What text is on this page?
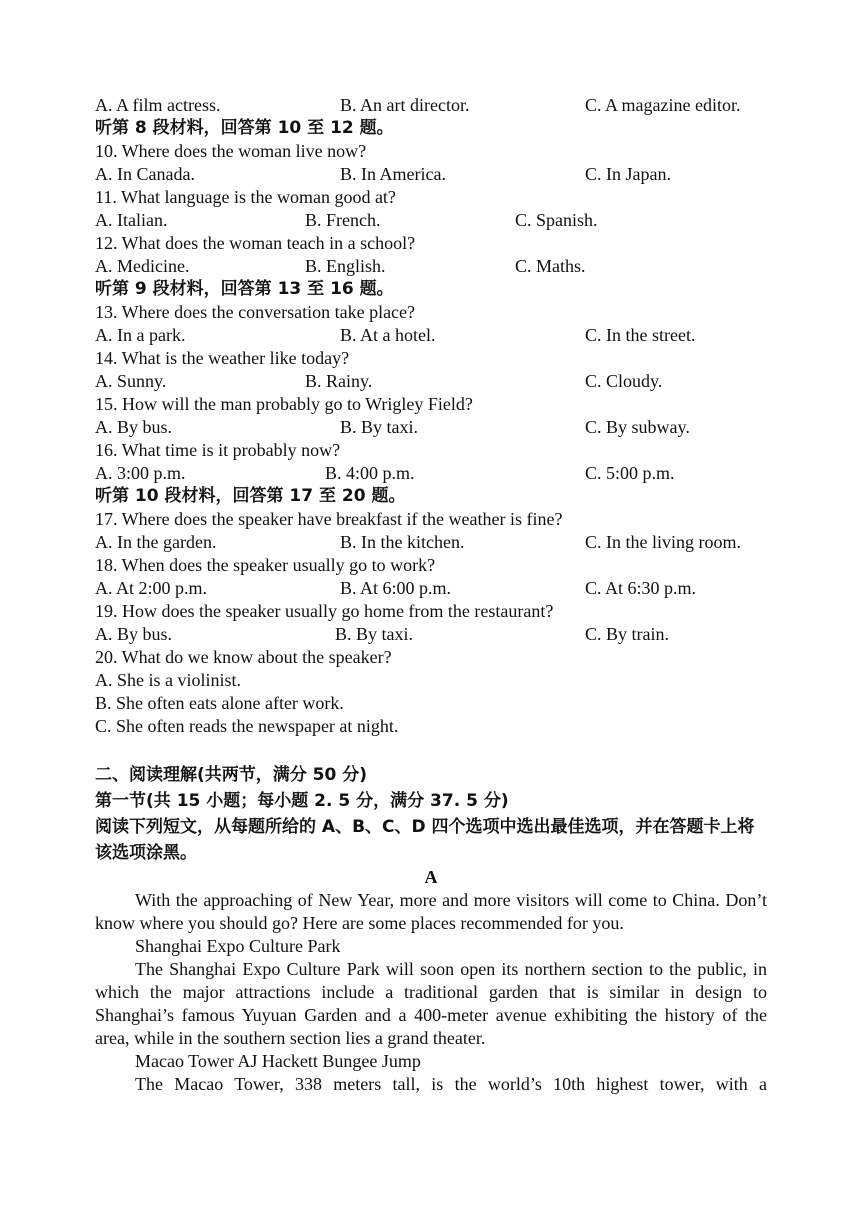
A. A film actress.	B. An art director.	C. A magazine editor.
听第 8 段材料，回答第 10 至 12 题。
10. Where does the woman live now?
A. In Canada.	B. In America.	C. In Japan.
11. What language is the woman good at?
A. Italian.	B. French.	C. Spanish.
12. What does the woman teach in a school?
A. Medicine.	B. English.	C. Maths.
听第 9 段材料，回答第 13 至 16 题。
13. Where does the conversation take place?
A. In a park.	B. At a hotel.	C. In the street.
14. What is the weather like today?
A. Sunny.	B. Rainy.	C. Cloudy.
15. How will the man probably go to Wrigley Field?
A. By bus.	B. By taxi.	C. By subway.
16. What time is it probably now?
A. 3:00 p.m.	B. 4:00 p.m.	C. 5:00 p.m.
听第 10 段材料，回答第 17 至 20 题。
17. Where does the speaker have breakfast if the weather is fine?
A. In the garden.	B. In the kitchen.	C. In the living room.
18. When does the speaker usually go to work?
A. At 2:00 p.m.	B. At 6:00 p.m.	C. At 6:30 p.m.
19. How does the speaker usually go home from the restaurant?
A. By bus.	B. By taxi.	C. By train.
20. What do we know about the speaker?
A. She is a violinist.
B. She often eats alone after work.
C. She often reads the newspaper at night.
二、阅读理解(共两节，满分 50 分)
第一节(共 15 小题；每小题 2. 5 分，满分 37. 5 分)
阅读下列短文，从每题所给的 A、B、C、D 四个选项中选出最佳选项，并在答题卡上将该选项涂黑。
A
With the approaching of New Year, more and more visitors will come to China. Don’t know where you should go? Here are some places recommended for you.
Shanghai Expo Culture Park
The Shanghai Expo Culture Park will soon open its northern section to the public, in which the major attractions include a traditional garden that is similar in design to Shanghai’s famous Yuyuan Garden and a 400-meter avenue exhibiting the history of the area, while in the southern section lies a grand theater.
Macao Tower AJ Hackett Bungee Jump
The Macao Tower, 338 meters tall, is the world’s 10th highest tower, with a
